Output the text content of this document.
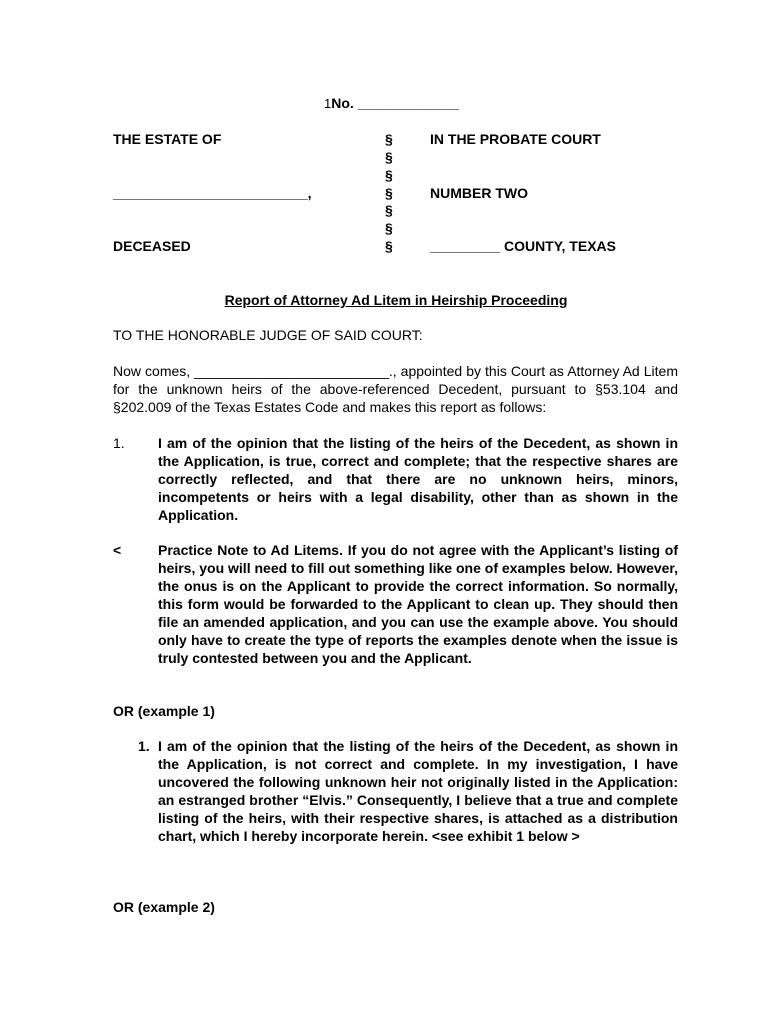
1No. _____________
THE ESTATE OF
_________________________,
DECEASED
§
§
§
§
§
§
§
IN THE PROBATE COURT
NUMBER TWO
_________ COUNTY, TEXAS
Report of Attorney Ad Litem in Heirship Proceeding
TO THE HONORABLE JUDGE OF SAID COURT:
Now comes, _________________________., appointed by this Court as Attorney Ad Litem for the unknown heirs of the above-referenced Decedent, pursuant to §53.104 and §202.009 of the Texas Estates Code and makes this report as follows:
1. I am of the opinion that the listing of the heirs of the Decedent, as shown in the Application, is true, correct and complete; that the respective shares are correctly reflected, and that there are no unknown heirs, minors, incompetents or heirs with a legal disability, other than as shown in the Application.
<	Practice Note to Ad Litems. If you do not agree with the Applicant’s listing of heirs, you will need to fill out something like one of examples below. However, the onus is on the Applicant to provide the correct information. So normally, this form would be forwarded to the Applicant to clean up. They should then file an amended application, and you can use the example above. You should only have to create the type of reports the examples denote when the issue is truly contested between you and the Applicant.
OR (example 1)
1. I am of the opinion that the listing of the heirs of the Decedent, as shown in the Application, is not correct and complete. In my investigation, I have uncovered the following unknown heir not originally listed in the Application: an estranged brother “Elvis.” Consequently, I believe that a true and complete listing of the heirs, with their respective shares, is attached as a distribution chart, which I hereby incorporate herein. <see exhibit 1 below >
OR (example 2)
